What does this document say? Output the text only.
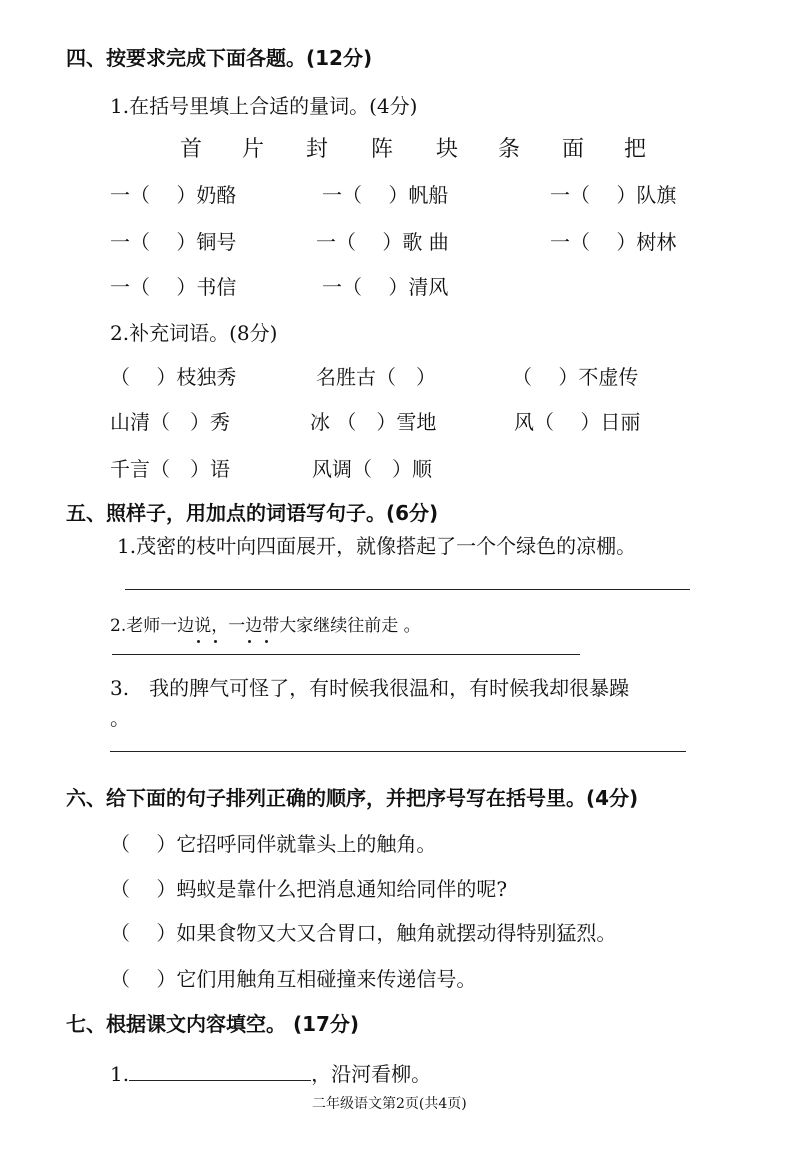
四、按要求完成下面各题。(12分)
1.在括号里填上合适的量词。(4分)
首 片 封 阵 块 条 面 把
一（　 ）奶酪	一（　 ）帆船	一（　 ）队旗
一（　 ）铜号	一（　 ）歌 曲	一（　 ）树林
一（　 ）书信	一（　 ）清风
2.补充词语。(8分)
（　 ）枝独秀	名胜古（　）	（　 ）不虚传
山清（　）秀	冰 （　）雪地	风（　 ）日丽
千言（　）语	风调（　）顺
五、照样子，用加点的词语写句子。(6分)
1.茂密的枝叶向四面展开，就像搭起了一个个绿色的凉棚。
2.老师一边说，一边带大家继续往前走 。
3.　我的脾气可怪了，有时候我很温和，有时候我却很暴躁
。
六、给下面的句子排列正确的顺序，并把序号写在括号里。(4分)
（　 ）它招呼同伴就靠头上的触角。
（　 ）蚂蚁是靠什么把消息通知给同伴的呢?
（　 ）如果食物又大又合胃口，触角就摆动得特别猛烈。
（　 ）它们用触角互相碰撞来传递信号。
七、根据课文内容填空。 (17分)
1.	，沿河看柳。
二年级语文第2页(共4页)
